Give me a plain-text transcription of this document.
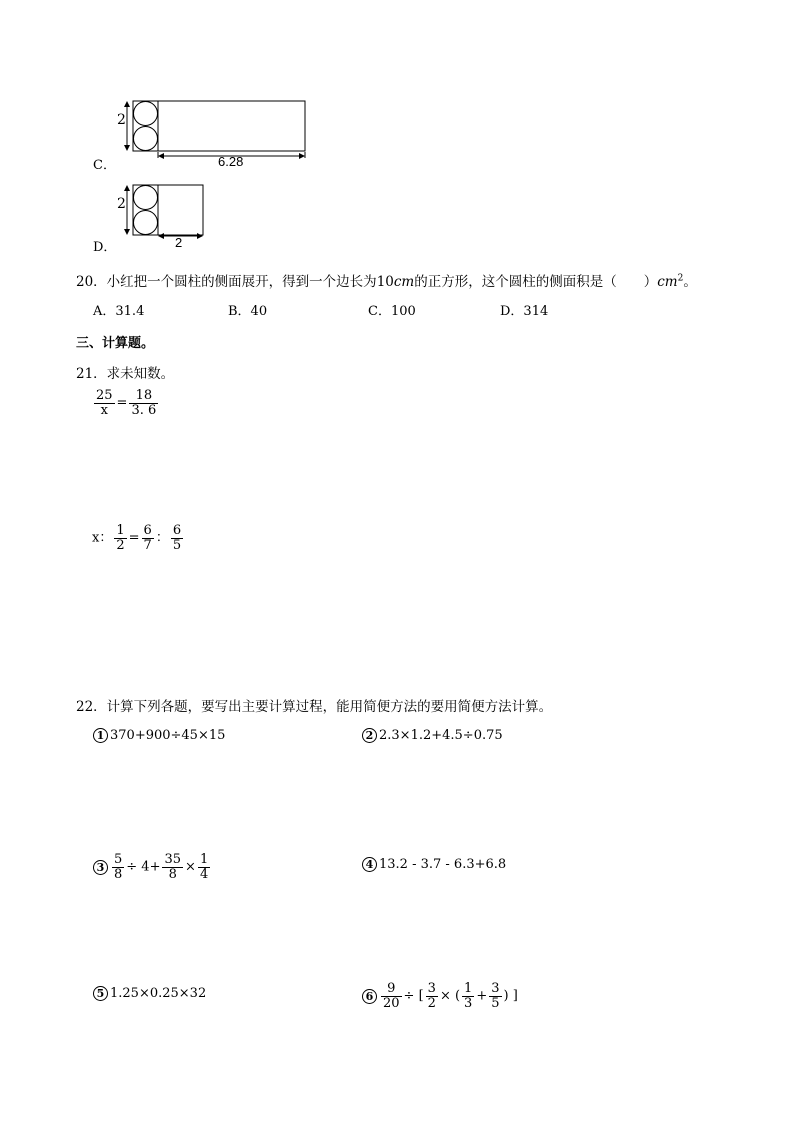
C．
2
6.28
D．
2
2
20．小红把一个圆柱的侧面展开，得到一个边长为10cm的正方形，这个圆柱的侧面积是（　　）$cm^2$。
A．31.4	B．40	C．100	D．314
三、计算题。
21．求未知数。
$\frac{25}{x} = \frac{18}{3. 6}$
x： $\frac{1}{2} = \frac{6}{7}$ ： $\frac{6}{5}$
22．计算下列各题，要写出主要计算过程，能用简便方法的要用简便方法计算。
1 370+900÷45×15	2 2.3×1.2+4.5÷0.75
$3 \frac{5}{8} \div 4+ \frac{35}{8} \times \frac{1}{4}$	4 13.2 - 3.7 - 6.3+6.8
5 1.25×0.25×32	$6 \frac{9}{20}$ ÷ [ $\frac{3}{2}$ × ( $\frac{1}{3} + \frac{3}{5}$ ) ]
